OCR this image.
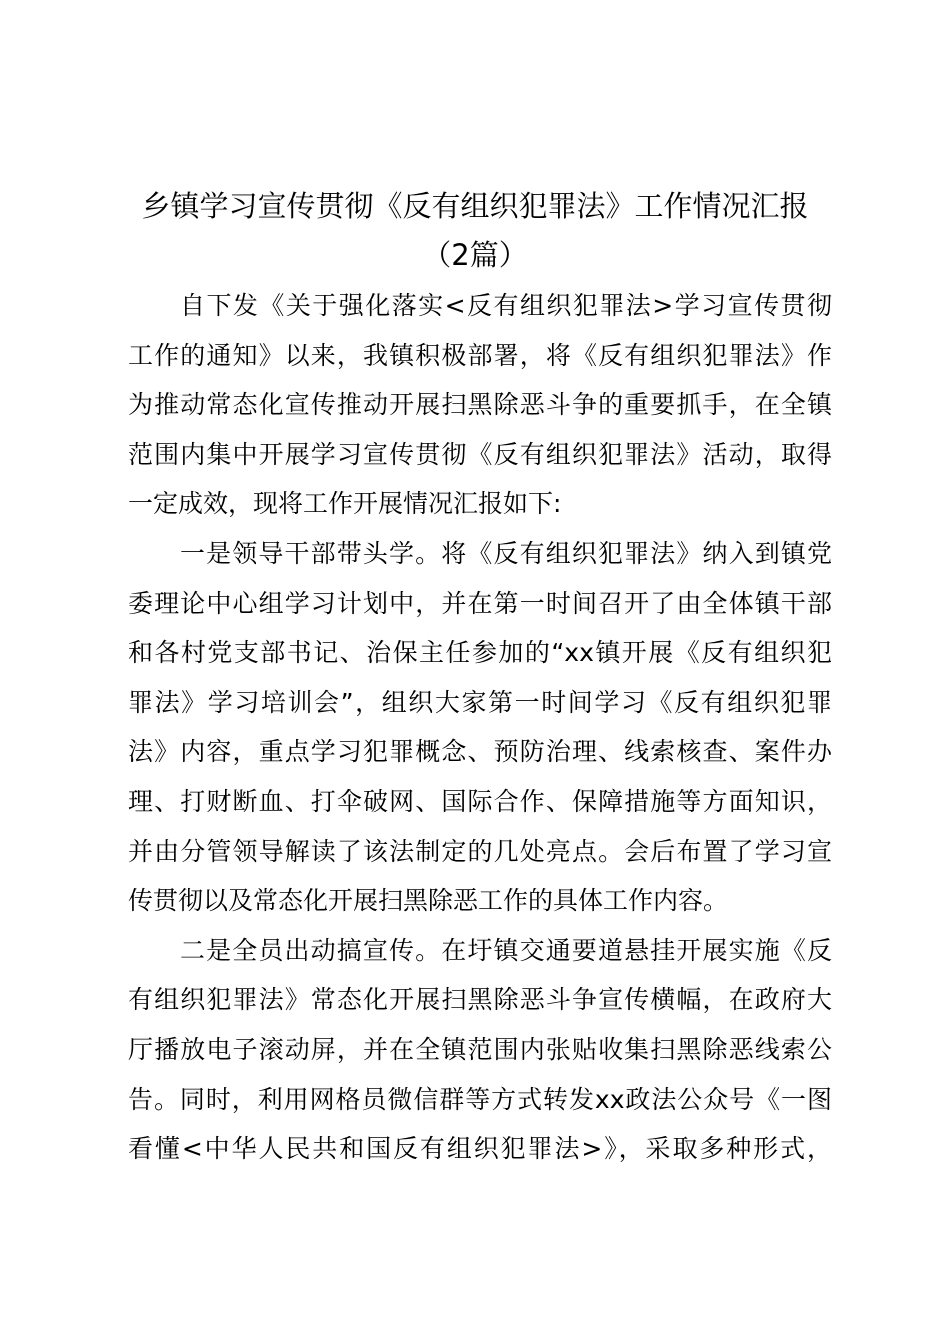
乡镇学习宣传贯彻《反有组织犯罪法》工作情况汇报
（2篇）
自下发《关于强化落实<反有组织犯罪法>学习宣传贯彻
工作的通知》以来，我镇积极部署，将《反有组织犯罪法》作
为推动常态化宣传推动开展扫黑除恶斗争的重要抓手，在全镇
范围内集中开展学习宣传贯彻《反有组织犯罪法》活动，取得
一定成效，现将工作开展情况汇报如下:
一是领导干部带头学。将《反有组织犯罪法》纳入到镇党
委理论中心组学习计划中，并在第一时间召开了由全体镇干部
和各村党支部书记、治保主任参加的“xx镇开展《反有组织犯
罪法》学习培训会”，组织大家第一时间学习《反有组织犯罪
法》内容，重点学习犯罪概念、预防治理、线索核查、案件办
理、打财断血、打伞破网、国际合作、保障措施等方面知识，
并由分管领导解读了该法制定的几处亮点。会后布置了学习宣
传贯彻以及常态化开展扫黑除恶工作的具体工作内容。
二是全员出动搞宣传。在圩镇交通要道悬挂开展实施《反
有组织犯罪法》常态化开展扫黑除恶斗争宣传横幅，在政府大
厅播放电子滚动屏，并在全镇范围内张贴收集扫黑除恶线索公
告。同时，利用网格员微信群等方式转发xx政法公众号《一图
看懂<中华人民共和国反有组织犯罪法>》，采取多种形式，
